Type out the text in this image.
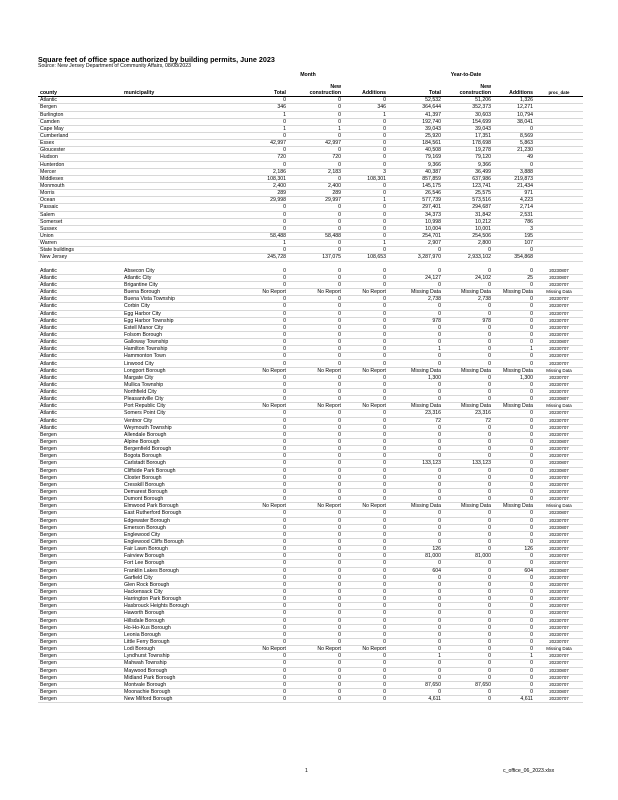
Square feet of office space authorized by building permits, June 2023
Source: New Jersey Department of Community Affairs, 08/08/2023
Month	Year-to-Date
			New			New		
county	municipality	Total	construction	Additions	Total	construction	Additions	proc_date
Atlantic		0	0	0	52,532	51,206	1,326	
Bergen		346	0	346	364,644	352,373	12,271	
Burlington		1	0	1	41,397	30,603	10,794	
Camden		0	0	0	192,740	154,699	38,041	
Cape May		1	1	0	39,043	39,043	0	
Cumberland		0	0	0	25,920	17,351	8,569	
Essex		42,997	42,997	0	184,561	178,698	5,863	
Gloucester		0	0	0	40,508	19,278	21,230	
Hudson		720	720	0	79,169	79,120	49	
Hunterdon		0	0	0	9,366	9,366	0	
Mercer		2,186	2,183	3	40,387	36,499	3,888	
Middlesex		108,301	0	108,301	857,859	637,986	219,873	
Monmouth		2,400	2,400	0	145,175	123,741	21,434	
Morris		289	289	0	26,546	25,575	971	
Ocean		29,998	29,997	1	577,739	573,516	4,223	
Passaic		0	0	0	297,401	294,687	2,714	
Salem		0	0	0	34,373	31,842	2,531	
Somerset		0	0	0	10,998	10,212	786	
Sussex		0	0	0	10,004	10,001	3	
Union		58,488	58,488	0	254,701	254,506	195	
Warren		1	0	1	2,907	2,800	107	
State buildings		0	0	0	0	0	0	
New Jersey		245,728	137,075	108,653	3,287,970	2,933,102	354,868	

Atlantic	Absecon City	0	0	0	0	0	0	20230807
Atlantic	Atlantic City	0	0	0	24,127	24,102	25	20230807
Atlantic	Brigantine City	0	0	0	0	0	0	20230707
Atlantic	Buena Borough	No Report	No Report	No Report	Missing Data	Missing Data	Missing Data	Missing Data
Atlantic	Buena Vista Township	0	0	0	2,738	2,738	0	20230707
Atlantic	Corbin City	0	0	0	0	0	0	20230707
Atlantic	Egg Harbor City	0	0	0	0	0	0	20230707
Atlantic	Egg Harbor Township	0	0	0	978	978	0	20230707
Atlantic	Estell Manor City	0	0	0	0	0	0	20230707
Atlantic	Folsom Borough	0	0	0	0	0	0	20230707
Atlantic	Galloway Township	0	0	0	0	0	0	20230807
Atlantic	Hamilton Township	0	0	0	1	0	1	20230707
Atlantic	Hammonton Town	0	0	0	0	0	0	20230707
Atlantic	Linwood City	0	0	0	0	0	0	20230707
Atlantic	Longport Borough	No Report	No Report	No Report	Missing Data	Missing Data	Missing Data	Missing Data
Atlantic	Margate City	0	0	0	1,300	0	1,300	20230707
Atlantic	Mullica Township	0	0	0	0	0	0	20230707
Atlantic	Northfield City	0	0	0	0	0	0	20230707
Atlantic	Pleasantville City	0	0	0	0	0	0	20230807
Atlantic	Port Republic City	No Report	No Report	No Report	Missing Data	Missing Data	Missing Data	Missing Data
Atlantic	Somers Point City	0	0	0	23,316	23,316	0	20230707
Atlantic	Ventnor City	0	0	0	72	72	0	20230707
Atlantic	Weymouth Township	0	0	0	0	0	0	20230707
Bergen	Allendale Borough	0	0	0	0	0	0	20230707
Bergen	Alpine Borough	0	0	0	0	0	0	20230807
Bergen	Bergenfield Borough	0	0	0	0	0	0	20230707
Bergen	Bogota Borough	0	0	0	0	0	0	20230707
Bergen	Carlstadt Borough	0	0	0	133,123	133,123	0	20230807
Bergen	Cliffside Park Borough	0	0	0	0	0	0	20230807
Bergen	Closter Borough	0	0	0	0	0	0	20230707
Bergen	Cresskill Borough	0	0	0	0	0	0	20230707
Bergen	Demarest Borough	0	0	0	0	0	0	20230707
Bergen	Dumont Borough	0	0	0	0	0	0	20230707
Bergen	Elmwood Park Borough	No Report	No Report	No Report	Missing Data	Missing Data	Missing Data	Missing Data
Bergen	East Rutherford Borough	0	0	0	0	0	0	20230807
Bergen	Edgewater Borough	0	0	0	0	0	0	20230707
Bergen	Emerson Borough	0	0	0	0	0	0	20230807
Bergen	Englewood City	0	0	0	0	0	0	20230707
Bergen	Englewood Cliffs Borough	0	0	0	0	0	0	20230707
Bergen	Fair Lawn Borough	0	0	0	126	0	126	20230707
Bergen	Fairview Borough	0	0	0	81,000	81,000	0	20230707
Bergen	Fort Lee Borough	0	0	0	0	0	0	20230707
Bergen	Franklin Lakes Borough	0	0	0	604	0	604	20230807
Bergen	Garfield City	0	0	0	0	0	0	20230707
Bergen	Glen Rock Borough	0	0	0	0	0	0	20230707
Bergen	Hackensack City	0	0	0	0	0	0	20230707
Bergen	Harrington Park Borough	0	0	0	0	0	0	20230707
Bergen	Hasbrouck Heights Borough	0	0	0	0	0	0	20230707
Bergen	Haworth Borough	0	0	0	0	0	0	20230707
Bergen	Hillsdale Borough	0	0	0	0	0	0	20230707
Bergen	Ho-Ho-Kus Borough	0	0	0	0	0	0	20230707
Bergen	Leonia Borough	0	0	0	0	0	0	20230707
Bergen	Little Ferry Borough	0	0	0	0	0	0	20230707
Bergen	Lodi Borough	No Report	No Report	No Report	0	0	0	Missing Data
Bergen	Lyndhurst Township	0	0	0	1	0	1	20230707
Bergen	Mahwah Township	0	0	0	0	0	0	20230707
Bergen	Maywood Borough	0	0	0	0	0	0	20230807
Bergen	Midland Park Borough	0	0	0	0	0	0	20230707
Bergen	Montvale Borough	0	0	0	87,650	87,650	0	20230707
Bergen	Moonachie Borough	0	0	0	0	0	0	20230807
Bergen	New Milford Borough	0	0	0	4,611	0	4,611	20230707
1	c_office_06_2023.xlsx
